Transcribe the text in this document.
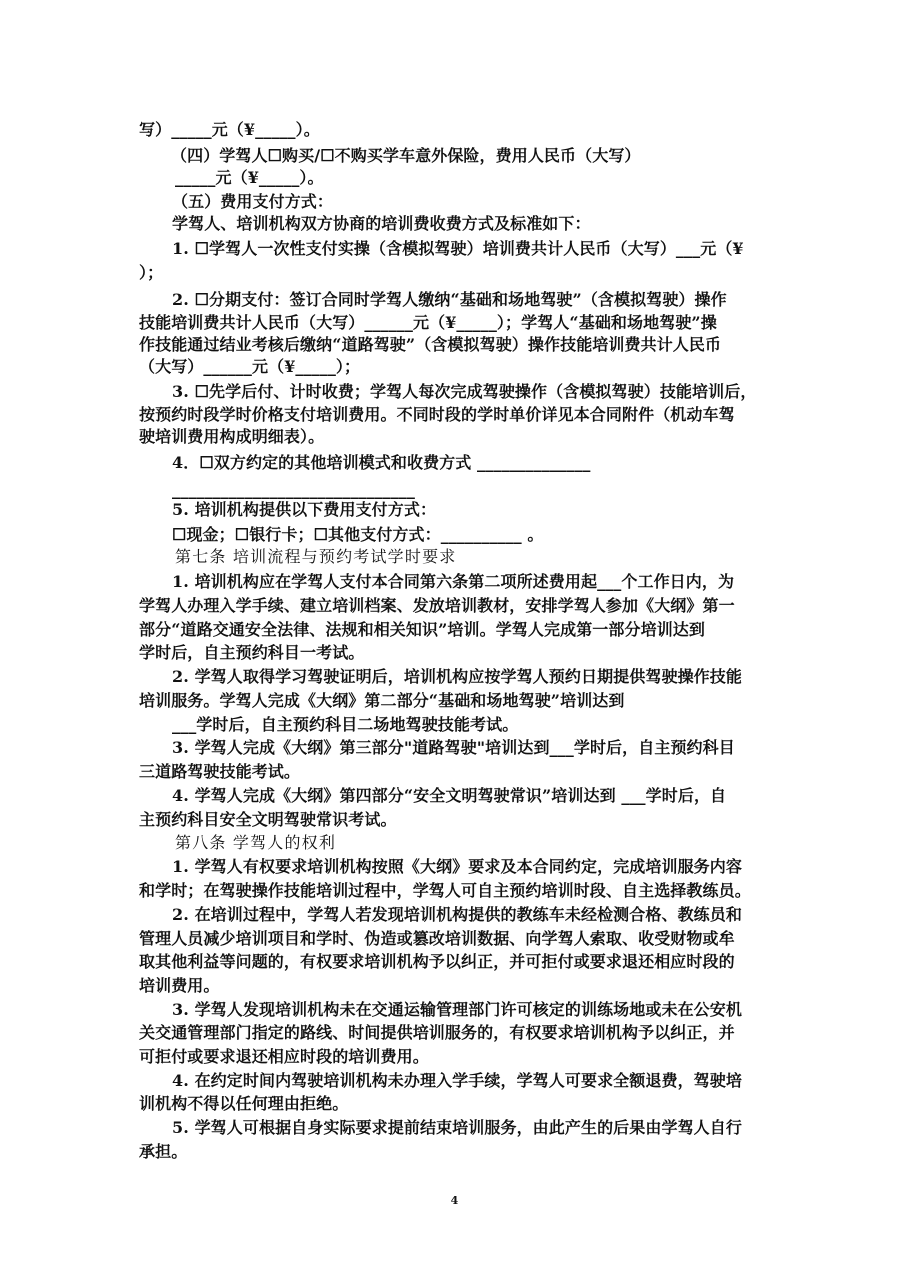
写）_____元（¥_____）。
（四）学驾人☐购买/☐不购买学车意外保险，费用人民币（大写）
_____元（¥_____）。
（五）费用支付方式：
学驾人、培训机构双方协商的培训费收费方式及标准如下：
1. ☐学驾人一次性支付实操（含模拟驾驶）培训费共计人民币（大写）___元（¥
）；
2. ☐分期支付：签订合同时学驾人缴纳“基础和场地驾驶”（含模拟驾驶）操作
技能培训费共计人民币（大写）______元（¥_____）；学驾人“基础和场地驾驶”操
作技能通过结业考核后缴纳“道路驾驶”（含模拟驾驶）操作技能培训费共计人民币
（大写）______元（¥_____）；
3. ☐先学后付、计时收费；学驾人每次完成驾驶操作（含模拟驾驶）技能培训后，
按预约时段学时价格支付培训费用。不同时段的学时单价详见本合同附件（机动车驾
驶培训费用构成明细表）。
4．☐双方约定的其他培训模式和收费方式 ______________
______________________________
5. 培训机构提供以下费用支付方式：
☐现金；☐银行卡；☐其他支付方式：__________ 。
第七条 培训流程与预约考试学时要求
1. 培训机构应在学驾人支付本合同第六条第二项所述费用起___个工作日内，为
学驾人办理入学手续、建立培训档案、发放培训教材，安排学驾人参加《大纲》第一
部分“道路交通安全法律、法规和相关知识”培训。学驾人完成第一部分培训达到
学时后，自主预约科目一考试。
2. 学驾人取得学习驾驶证明后，培训机构应按学驾人预约日期提供驾驶操作技能
培训服务。学驾人完成《大纲》第二部分“基础和场地驾驶”培训达到
___学时后，自主预约科目二场地驾驶技能考试。
3. 学驾人完成《大纲》第三部分"道路驾驶"培训达到___学时后，自主预约科目
三道路驾驶技能考试。
4. 学驾人完成《大纲》第四部分“安全文明驾驶常识”培训达到 ___学时后，自
主预约科目安全文明驾驶常识考试。
第八条 学驾人的权利
1. 学驾人有权要求培训机构按照《大纲》要求及本合同约定，完成培训服务内容
和学时；在驾驶操作技能培训过程中，学驾人可自主预约培训时段、自主选择教练员。
2. 在培训过程中，学驾人若发现培训机构提供的教练车未经检测合格、教练员和
管理人员减少培训项目和学时、伪造或篡改培训数据、向学驾人索取、收受财物或牟
取其他利益等问题的，有权要求培训机构予以纠正，并可拒付或要求退还相应时段的
培训费用。
3. 学驾人发现培训机构未在交通运输管理部门许可核定的训练场地或未在公安机
关交通管理部门指定的路线、时间提供培训服务的，有权要求培训机构予以纠正，并
可拒付或要求退还相应时段的培训费用。
4. 在约定时间内驾驶培训机构未办理入学手续，学驾人可要求全额退费，驾驶培
训机构不得以任何理由拒绝。
5. 学驾人可根据自身实际要求提前结束培训服务，由此产生的后果由学驾人自行
承担。
4
